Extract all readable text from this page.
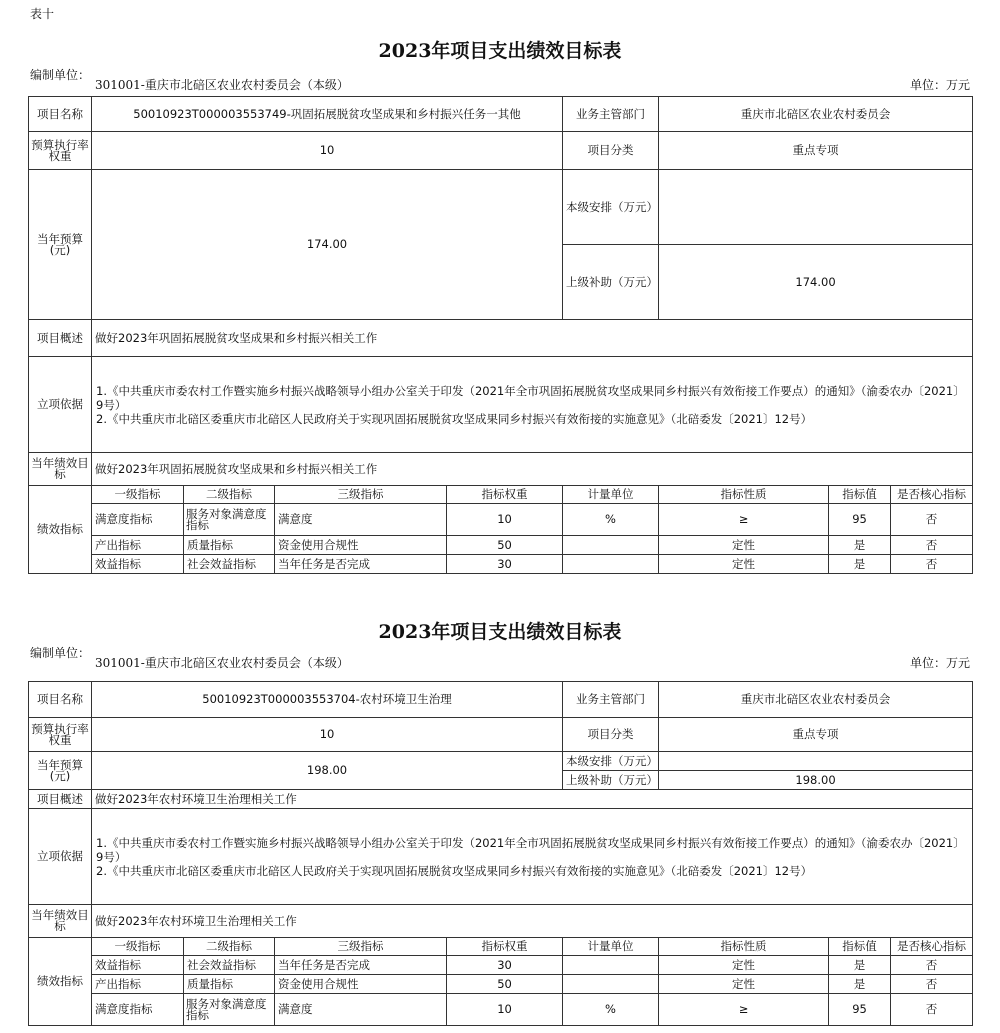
表十
2023年项目支出绩效目标表
编制单位：
301001-重庆市北碚区农业农村委员会（本级）	单位：万元
项目名称	50010923T000003553749-巩固拓展脱贫攻坚成果和乡村振兴任务一其他				业务主管部门	重庆市北碚区农业农村委员会		
预算执行率权重	10				项目分类	重点专项		
当年预算(元)	174.00				本级安排（万元）			
					上级补助（万元）	174.00		
项目概述	做好2023年巩固拓展脱贫攻坚成果和乡村振兴相关工作							
立项依据	1.《中共重庆市委农村工作暨实施乡村振兴战略领导小组办公室关于印发（2021年全市巩固拓展脱贫攻坚成果同乡村振兴有效衔接工作要点）的通知》（渝委农办〔2021〕9号）
2.《中共重庆市北碚区委重庆市北碚区人民政府关于实现巩固拓展脱贫攻坚成果同乡村振兴有效衔接的实施意见》（北碚委发〔2021〕12号）							

当年绩效目标	做好2023年巩固拓展脱贫攻坚成果和乡村振兴相关工作							
绩效指标	一级指标	二级指标	三级指标	指标权重	计量单位	指标性质	指标值	是否核心指标
	满意度指标	服务对象满意度指标	满意度	10	%	≥	95	否
	产出指标	质量指标	资金使用合规性	50		定性	是	否
	效益指标	社会效益指标	当年任务是否完成	30		定性	是	否
2023年项目支出绩效目标表
编制单位：
301001-重庆市北碚区农业农村委员会（本级）	单位：万元
项目名称	50010923T000003553704-农村环境卫生治理				业务主管部门	重庆市北碚区农业农村委员会		
预算执行率权重	10				项目分类	重点专项		
当年预算(元)	198.00				本级安排（万元）			
					上级补助（万元）	198.00		
项目概述	做好2023年农村环境卫生治理相关工作							
立项依据	1.《中共重庆市委农村工作暨实施乡村振兴战略领导小组办公室关于印发（2021年全市巩固拓展脱贫攻坚成果同乡村振兴有效衔接工作要点）的通知》（渝委农办〔2021〕9号）
2.《中共重庆市北碚区委重庆市北碚区人民政府关于实现巩固拓展脱贫攻坚成果同乡村振兴有效衔接的实施意见》（北碚委发〔2021〕12号）							

当年绩效目标	做好2023年农村环境卫生治理相关工作							
绩效指标	一级指标	二级指标	三级指标	指标权重	计量单位	指标性质	指标值	是否核心指标
	效益指标	社会效益指标	当年任务是否完成	30		定性	是	否
	产出指标	质量指标	资金使用合规性	50		定性	是	否
	满意度指标	服务对象满意度指标	满意度	10	%	≥	95	否
